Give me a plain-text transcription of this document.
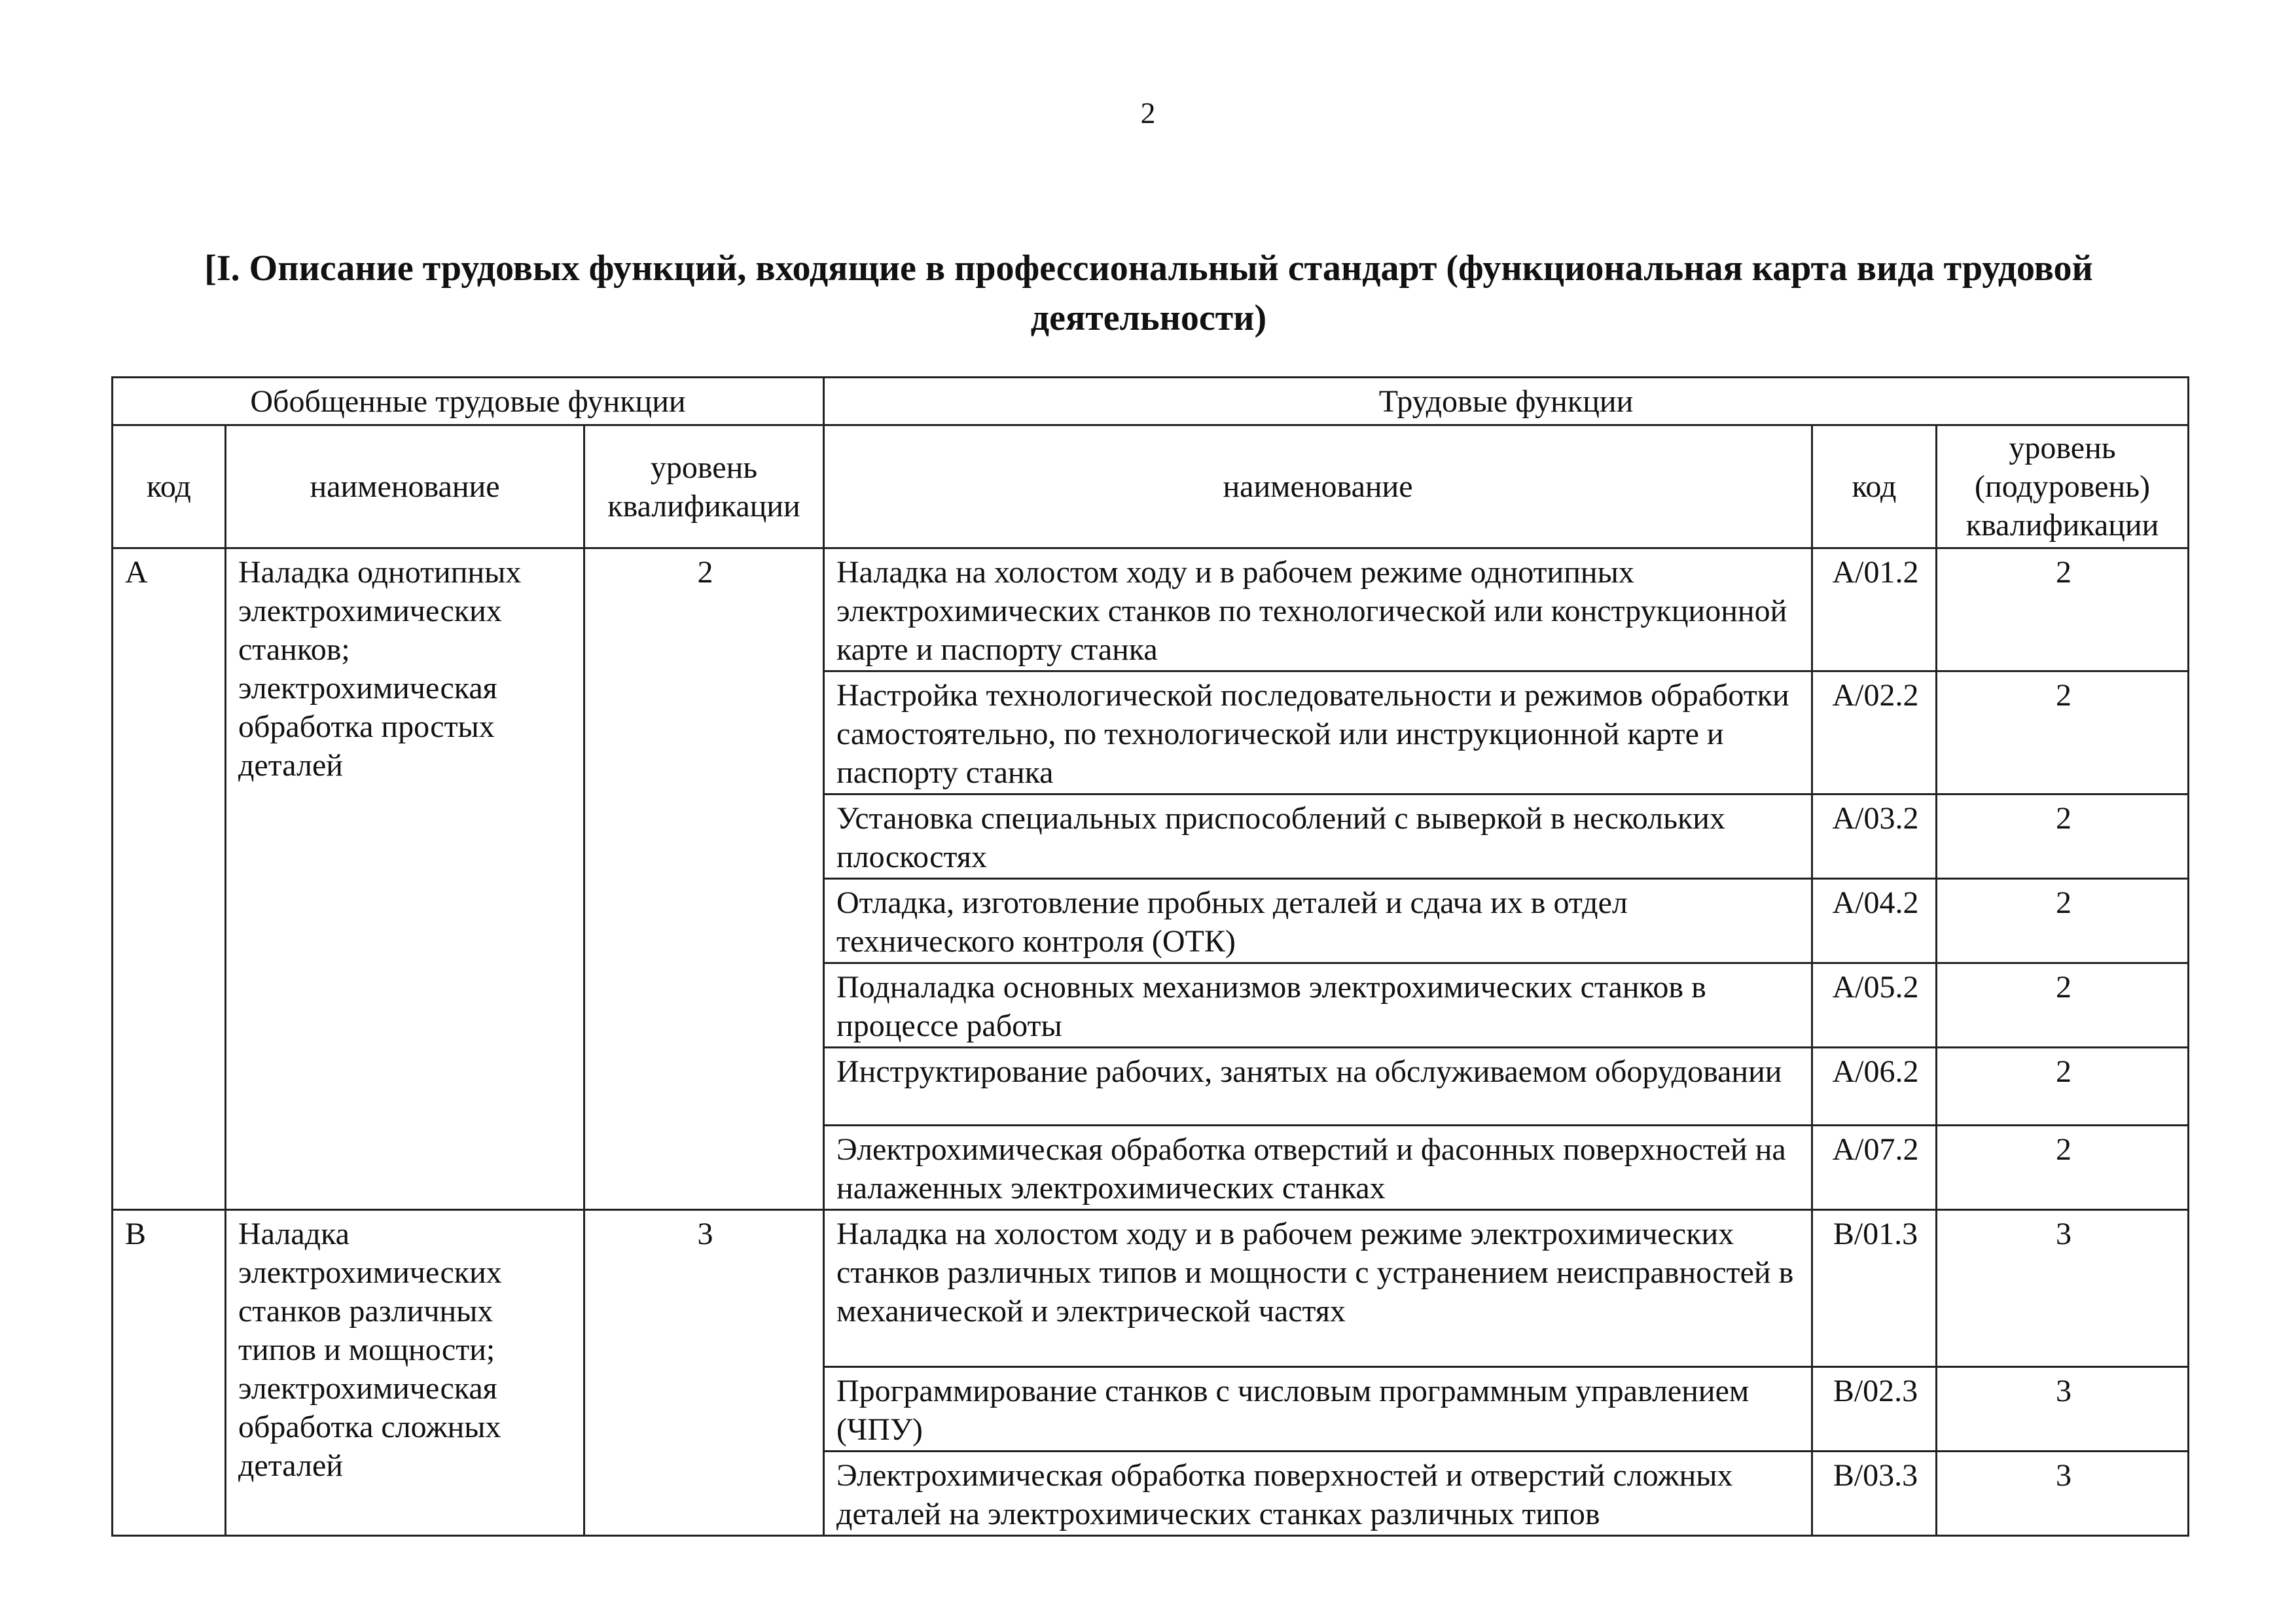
2
[I. Описание трудовых функций, входящие в профессиональный стандарт (функциональная карта вида трудовой
деятельности)
Обобщенные трудовые функции			Трудовые функции		
код	наименование	уровень квалификации	наименование	код	уровень (подуровень) квалификации
A	Наладка однотипных электрохимических станков; электрохимическая обработка простых деталей	2	Наладка на холостом ходу и в рабочем режиме однотипных электрохимических станков по технологической или конструкционной карте и паспорту станка	A/01.2	2
			Настройка технологической последовательности и режимов обработки самостоятельно, по технологической или инструкционной карте и паспорту станка	A/02.2	2
			Установка специальных приспособлений с выверкой в нескольких плоскостях	A/03.2	2
			Отладка, изготовление пробных деталей и сдача их в отдел технического контроля (ОТК)	A/04.2	2
			Подналадка основных механизмов электрохимических станков в процессе работы	A/05.2	2
			Инструктирование рабочих, занятых на обслуживаемом оборудовании	A/06.2	2
			Электрохимическая обработка отверстий и фасонных поверхностей на налаженных электрохимических станках	A/07.2	2
B	Наладка электрохимических станков различных типов и мощности; электрохимическая обработка сложных деталей	3	Наладка на холостом ходу и в рабочем режиме электрохимических станков различных типов и мощности с устранением неисправностей в механической и электрической частях	B/01.3	3
			Программирование станков с числовым программным управлением (ЧПУ)	B/02.3	3
			Электрохимическая обработка поверхностей и отверстий сложных деталей на электрохимических станках различных типов	B/03.3	3
